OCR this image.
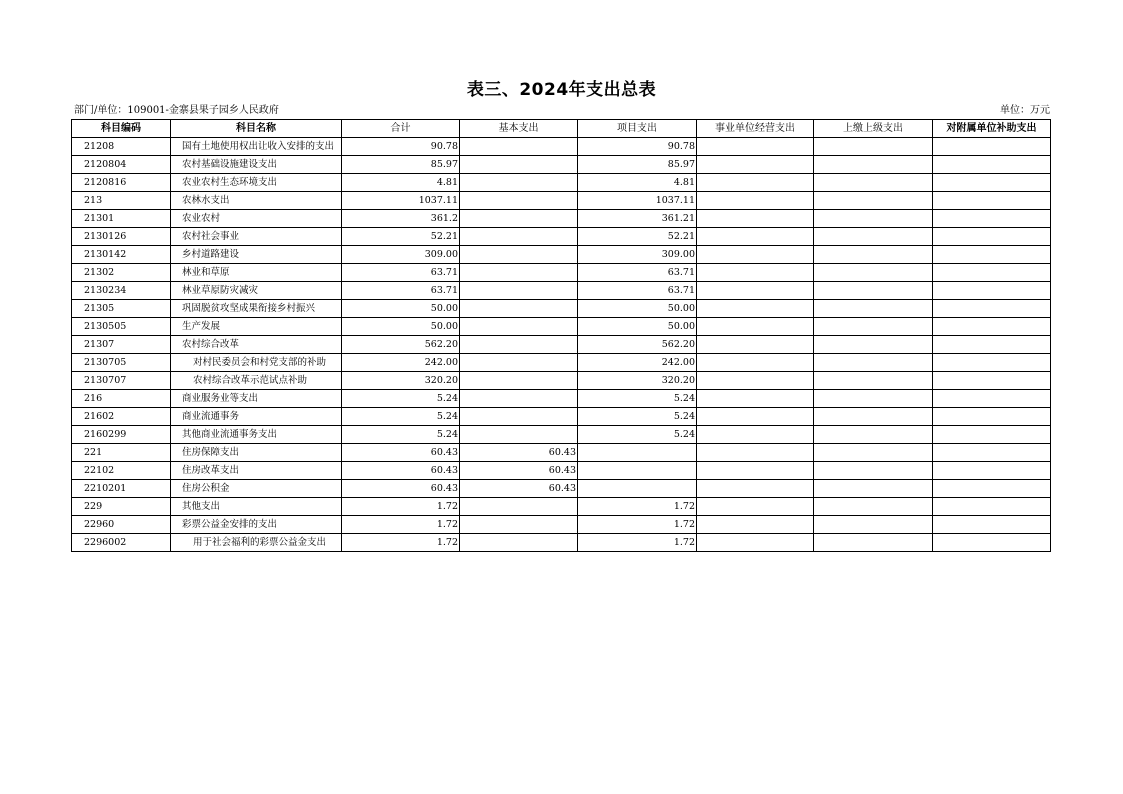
表三、2024年支出总表
部门/单位：109001-金寨县果子园乡人民政府	单位：万元
科目编码	科目名称	合计	基本支出	项目支出	事业单位经营支出	上缴上级支出	对附属单位补助支出
21208	国有土地使用权出让收入安排的支出	90.78		90.78			
2120804	农村基础设施建设支出	85.97		85.97			
2120816	农业农村生态环境支出	4.81		4.81			
213	农林水支出	1037.11		1037.11			
21301	农业农村	361.2		361.21			
2130126	农村社会事业	52.21		52.21			
2130142	乡村道路建设	309.00		309.00			
21302	林业和草原	63.71		63.71			
2130234	林业草原防灾减灾	63.71		63.71			
21305	巩固脱贫攻坚成果衔接乡村振兴	50.00		50.00			
2130505	生产发展	50.00		50.00			
21307	农村综合改革	562.20		562.20			
2130705	对村民委员会和村党支部的补助	242.00		242.00			
2130707	农村综合改革示范试点补助	320.20		320.20			
216	商业服务业等支出	5.24		5.24			
21602	商业流通事务	5.24		5.24			
2160299	其他商业流通事务支出	5.24		5.24			
221	住房保障支出	60.43	60.43				
22102	住房改革支出	60.43	60.43				
2210201	住房公积金	60.43	60.43				
229	其他支出	1.72		1.72			
22960	彩票公益金安排的支出	1.72		1.72			
2296002	用于社会福利的彩票公益金支出	1.72		1.72			
